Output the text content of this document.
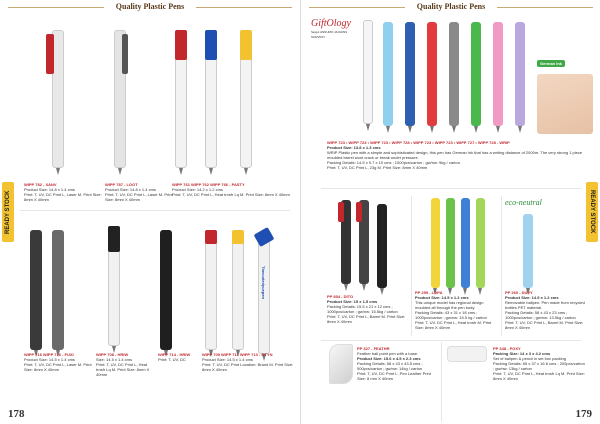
Quality Plastic Pens
WIPP 782 - XANV
Product Size: 14.8 x 1.4 cms
Print: T, UV, DC Print L, Laser M. Print Size: 8mm X 40mm
WIPP 787 - LOOT
Product Size: 14.8 x 1.4 cms
Print: T, UV, DC Print L, Laser M. Print Size: 8mm X 40mm
WIPP 761 WIPP 762 WIPP 766 - PASTY
Product Size: 14.2 x 1.2 cms
Print: T, UV, DC Print L, Heat trnsfr Lq M. Print Size: 8mm X 40mm
READY STOCK
Thecodedyuepen
WIPP 716 WIPP 716 - FUXI
Product Size: 14.5 x 1.4 cms
Print: T, UV, DC Print L, Laser M. Print Size: 8mm X 40mm
WIPP 708 - HRIW
Size: 14.5 x 1.4 cms
Print: T, UV, DC Print L, Heat trnsfr Lq M. Print Size: 8mm X 40mm
WIPP 714 - HRIW
Print: T, UV, DC
WIPP 709 WIPP 711 WIPP 713 - OTYN
Product Size: 14.5 x 1.4 cms
Print: T, UV, DC Print Location: Brand M. Print Size: 8mm X 40mm
178
Quality Plastic Pens
GiftOlogy
Seiqui ANNUMO JAOHINS SORVINIY
German Ink
WIPP 723 • WIPP 723 • WIPP 723 • WIPP 728 • WIPP 723 • WIPP 723 • WIPP 727 • WIPP 728 - WRIP
Product Size: 13.8 x 1.3 cms
WRIP Plastic pen with a simple and sophisticated design, this pen has German ink that has a writing distance of 2000m. The very strong 1 piece moulded barrel wont crack or break under pressure.
Packing Details: 14.5 x 9.7 x 19 cms ; 1000pcs/carton ; gw/nw: 9kg / carton
Print: T, UV, DC Print L, 23g M. Print Size: 8mm X 40mm
READY STOCK
eco-neutral
PP 854 - DITO
Product Size: 15 x 1.5 cms
Packing Details: 15.5 x 21 x 12 cms ; 1000pcs/carton ; gw/nw: 15.5kg / carton
Print: T, UV, DC Print L, Barrel M. Print Size: 8mm X 40mm
PP 259 - LOPA
Product Size: 14.5 x 1.2 cms
This unique model has regional design moulded all through the pen body.
Packing Details: 43 x 31 x 18 cms ; 1000pcs/carton ; gw/nw: 15.5 kg / carton
Print: T, UV, DC Print L, Heat trnsfr M. Print Size: 8mm X 40mm
PP 260 - DUVY
Product Size: 14.9 x 1.2 cms
Removable ballpen. Pen made from recycled bottles PET material.
Packing Details: 58 x 43 x 23 cms ; 1000pcs/carton ; gw/nw: 13.5kg / carton
Print: T, UV, DC Print L, Barrel M. Print Size: 8mm X 40mm
PP 327 - FEATHR
Feather ball point pen with a base.
Product Size: 15.6 x 4.5 x 2.3 cms
Packing Details: 58 x 43 x 43.5 cms ; 500pcs/carton ; gw/nw: 14kg / carton
Print: T, UV, DC Print L, Pen Leather Print Size: 8 mm X 40mm
PP 348 - POXY
Packing Size: 14 x 3 x 4.2 cms
Set of ballpen & pencil in set box packing
Packing Details: 65 x 37 x 16.6 cms ; 200pcs/carton ; gw/nw: 13kg / carton
Print: T, UV, DC Print L, Heat trnsfr Lq M. Print Size: 8mm X 40mm
179
